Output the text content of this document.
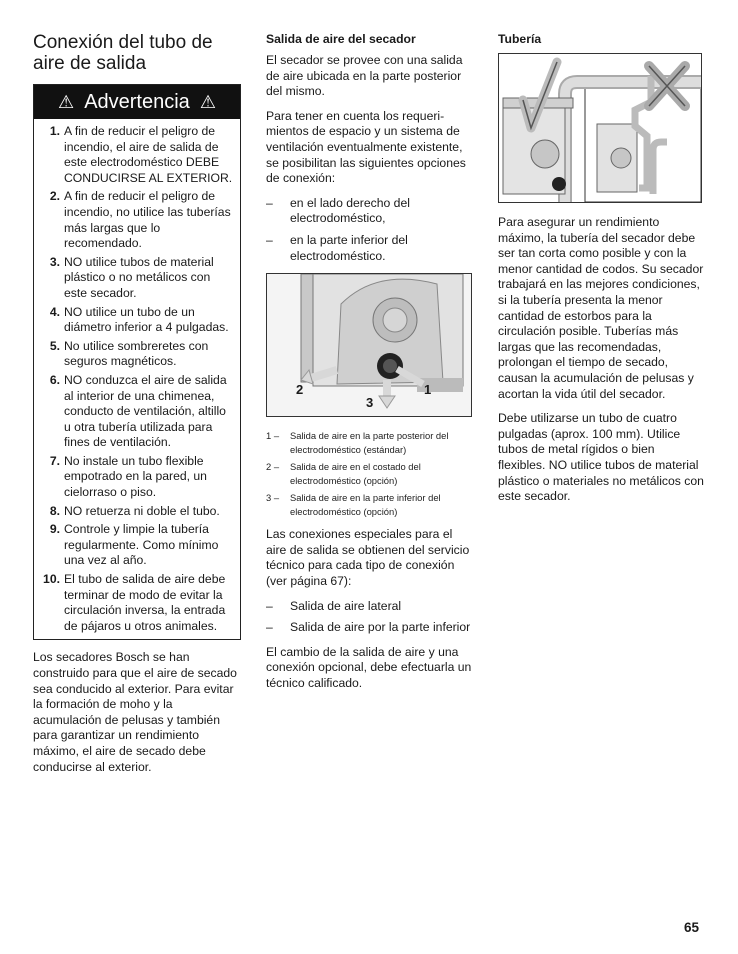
Conexión del tubo de aire de salida
⚠ Advertencia ⚠
1. A fin de reducir el peligro de incendio, el aire de salida de este electrodoméstico DEBE CONDUCIRSE AL EXTERIOR.
2. A fin de reducir el peligro de incendio, no utilice las tuberías más largas que lo recomendado.
3. NO utilice tubos de material plástico o no metálicos con este secador.
4. NO utilice un tubo de un diámetro inferior a 4 pulgadas.
5. No utilice sombreretes con seguros magnéticos.
6. NO conduzca el aire de salida al interior de una chimenea, conducto de ventilación, altillo u otra tubería utilizada para fines de ventilación.
7. No instale un tubo flexible empotrado en la pared, un cielorraso o piso.
8. NO retuerza ni doble el tubo.
9. Controle y limpie la tubería regularmente. Como mínimo una vez al año.
10. El tubo de salida de aire debe terminar de modo de evitar la circulación inversa, la entrada de pájaros u otros animales.

Los secadores Bosch se han construido para que el aire de secado sea conducido al exterior. Para evitar la formación de moho y la acumulación de pelusas y también para garantizar un rendimiento máximo, el aire de secado debe conducirse al exterior.

Salida de aire del secador

El secador se provee con una salida de aire ubicada en la parte posterior del mismo.

Para tener en cuenta los requeri- mientos de espacio y un sistema de ventilación eventualmente existente, se posibilitan las siguientes opciones de conexión:

–	en el lado derecho del electrodoméstico,
–	en la parte inferior del electrodoméstico.
2
3
1
1 –	Salida de aire en la parte posterior del electrodoméstico (estándar)
2 –	Salida de aire en el costado del electrodoméstico (opción)
3 –	Salida de aire en la parte inferior del electrodoméstico (opción)

Las conexiones especiales para el aire de salida se obtienen del servicio técnico para cada tipo de conexión (ver página 67):

–	Salida de aire lateral
–	Salida de aire por la parte inferior

El cambio de la salida de aire y una conexión opcional, debe efectuarla un técnico calificado.

Tubería

Para asegurar un rendimiento máximo, la tubería del secador debe ser tan corta como posible y con la menor cantidad de codos. Su secador trabajará en las mejores condiciones, si la tubería presenta la menor cantidad de estorbos para la circulación posible. Tuberías más largas que las recomendadas, prolongan el tiempo de secado, causan la acumulación de pelusas y acortan la vida útil del secador.

Debe utilizarse un tubo de cuatro pulgadas (aprox. 100 mm). Utilice tubos de metal rígidos o bien flexibles. NO utilice tubos de material plástico o materiales no metálicos con este secador.

65
